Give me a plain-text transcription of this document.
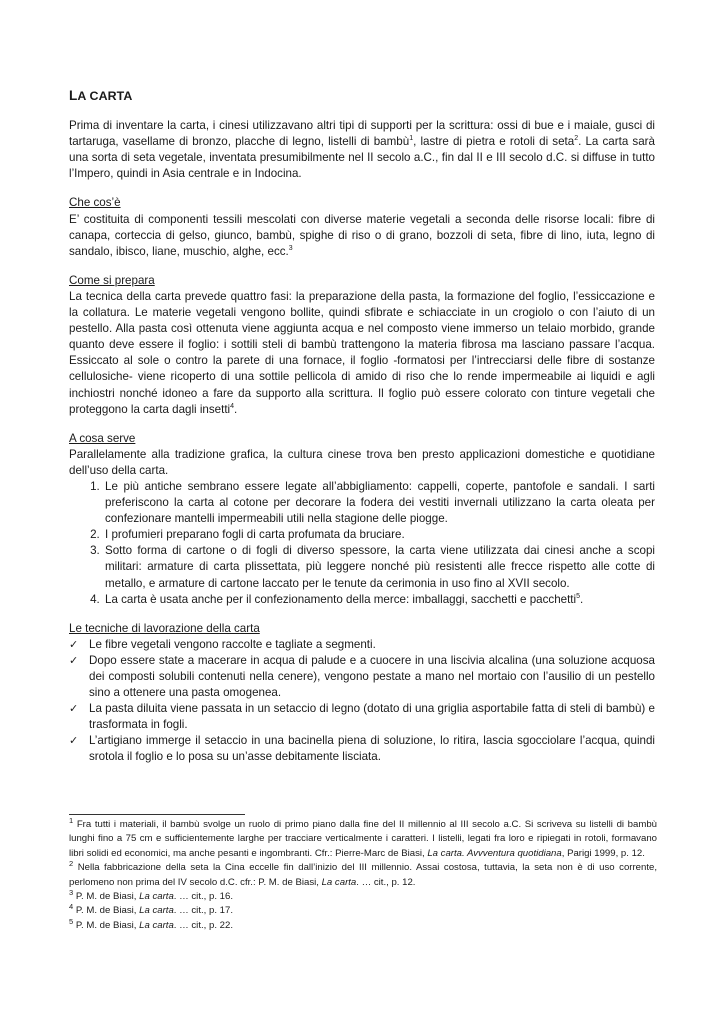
LA CARTA

Prima di inventare la carta, i cinesi utilizzavano altri tipi di supporti per la scrittura: ossi di bue e i maiale, gusci di tartaruga, vasellame di bronzo, placche di legno, listelli di bambù$^1$, lastre di pietra e rotoli di seta$^2$. La carta sarà una sorta di seta vegetale, inventata presumibilmente nel II secolo a.C., fin dal II e III secolo d.C. si diffuse in tutto l’Impero, quindi in Asia centrale e in Indocina.

Che cos’è

E’ costituita di componenti tessili mescolati con diverse materie vegetali a seconda delle risorse locali: fibre di canapa, corteccia di gelso, giunco, bambù, spighe di riso o di grano, bozzoli di seta, fibre di lino, iuta, legno di sandalo, ibisco, liane, muschio, alghe, ecc.$^3$

Come si prepara

La tecnica della carta prevede quattro fasi: la preparazione della pasta, la formazione del foglio, l’essiccazione e la collatura. Le materie vegetali vengono bollite, quindi sfibrate e schiacciate in un crogiolo o con l’aiuto di un pestello. Alla pasta così ottenuta viene aggiunta acqua e nel composto viene immerso un telaio morbido, grande quanto deve essere il foglio: i sottili steli di bambù trattengono la materia fibrosa ma lasciano passare l’acqua. Essiccato al sole o contro la parete di una fornace, il foglio -formatosi per l’intrecciarsi delle fibre di sostanze cellulosiche- viene ricoperto di una sottile pellicola di amido di riso che lo rende impermeabile ai liquidi e agli inchiostri nonché idoneo a fare da supporto alla scrittura. Il foglio può essere colorato con tinture vegetali che proteggono la carta dagli insetti$^4$.

A cosa serve

Parallelamente alla tradizione grafica, la cultura cinese trova ben presto applicazioni domestiche e quotidiane dell’uso della carta.

1. Le più antiche sembrano essere legate all’abbigliamento: cappelli, coperte, pantofole e sandali. I sarti preferiscono la carta al cotone per decorare la fodera dei vestiti invernali utilizzano la carta oleata per confezionare mantelli impermeabili utili nella stagione delle piogge.
2. I profumieri preparano fogli di carta profumata da bruciare.
3. Sotto forma di cartone o di fogli di diverso spessore, la carta viene utilizzata dai cinesi anche a scopi militari: armature di carta plissettata, più leggere nonché più resistenti alle frecce rispetto alle cotte di metallo, e armature di cartone laccato per le tenute da cerimonia in uso fino al XVII secolo.
4. La carta è usata anche per il confezionamento della merce: imballaggi, sacchetti e pacchetti$^5$.

Le tecniche di lavorazione della carta

✓ Le fibre vegetali vengono raccolte e tagliate a segmenti.
✓ Dopo essere state a macerare in acqua di palude e a cuocere in una liscivia alcalina (una soluzione acquosa dei composti solubili contenuti nella cenere), vengono pestate a mano nel mortaio con l’ausilio di un pestello sino a ottenere una pasta omogenea.
✓ La pasta diluita viene passata in un setaccio di legno (dotato di una griglia asportabile fatta di steli di bambù) e trasformata in fogli.
✓ L’artigiano immerge il setaccio in una bacinella piena di soluzione, lo ritira, lascia sgocciolare l’acqua, quindi srotola il foglio e lo posa su un’asse debitamente lisciata.

$^1$ Fra tutti i materiali, il bambù svolge un ruolo di primo piano dalla fine del II millennio al III secolo a.C. Si scriveva su listelli di bambù lunghi fino a 75 cm e sufficientemente larghe per tracciare verticalmente i caratteri. I listelli, legati fra loro e ripiegati in rotoli, formavano libri solidi ed economici, ma anche pesanti e ingombranti. Cfr.: Pierre-Marc de Biasi, La carta. Avvventura quotidiana, Parigi 1999, p. 12.

$^2$ Nella fabbricazione della seta la Cina eccelle fin dall’inizio del III millennio. Assai costosa, tuttavia, la seta non è di uso corrente, perlomeno non prima del IV secolo d.C. cfr.: P. M. de Biasi, La carta. … cit., p. 12.

$^3$ P. M. de Biasi, La carta. … cit., p. 16.

$^4$ P. M. de Biasi, La carta. … cit., p. 17.

$^5$ P. M. de Biasi, La carta. … cit., p. 22.
